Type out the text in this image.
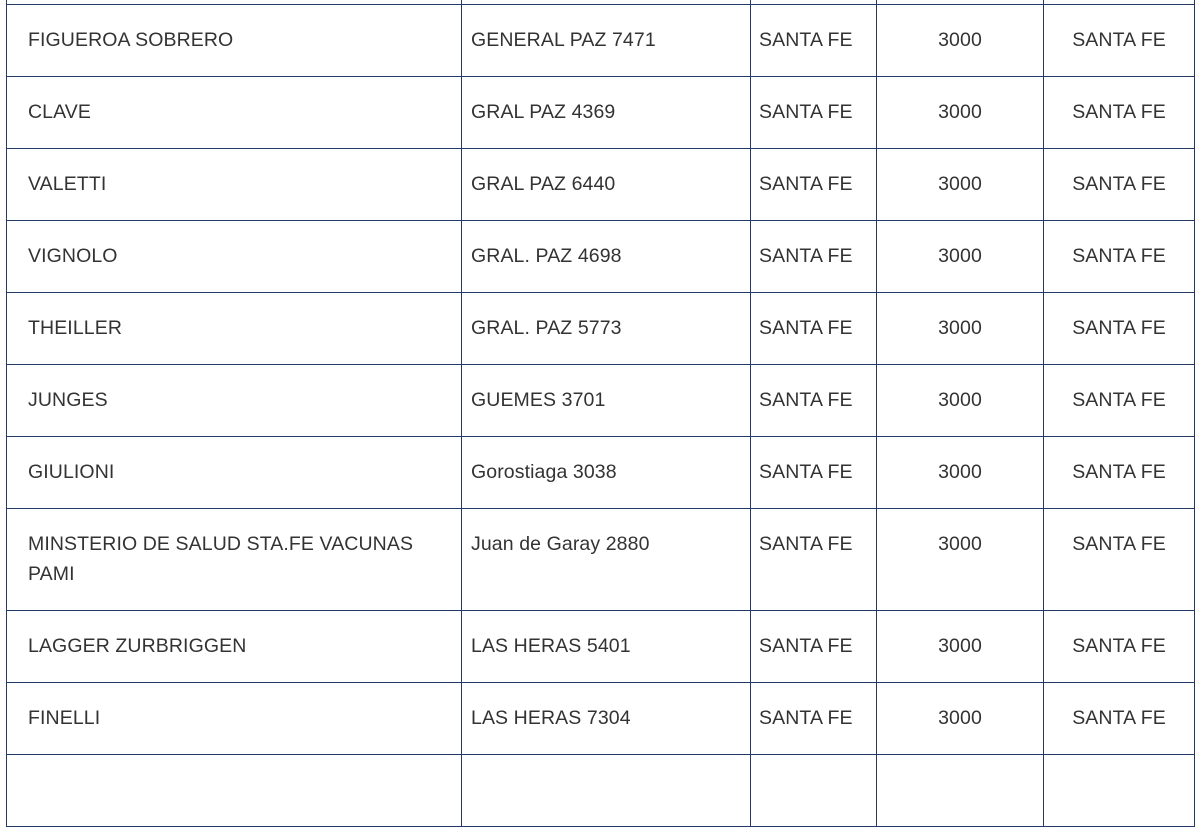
FIGUEROA SOBRERO	GENERAL PAZ 7471	SANTA FE	3000	SANTA FE
CLAVE	GRAL PAZ 4369	SANTA FE	3000	SANTA FE
VALETTI	GRAL PAZ 6440	SANTA FE	3000	SANTA FE
VIGNOLO	GRAL. PAZ 4698	SANTA FE	3000	SANTA FE
THEILLER	GRAL. PAZ 5773	SANTA FE	3000	SANTA FE
JUNGES	GUEMES 3701	SANTA FE	3000	SANTA FE
GIULIONI	Gorostiaga 3038	SANTA FE	3000	SANTA FE
MINSTERIO DE SALUD STA.FE VACUNAS PAMI	Juan de Garay 2880	SANTA FE	3000	SANTA FE
LAGGER ZURBRIGGEN	LAS HERAS 5401	SANTA FE	3000	SANTA FE
FINELLI	LAS HERAS 7304	SANTA FE	3000	SANTA FE
